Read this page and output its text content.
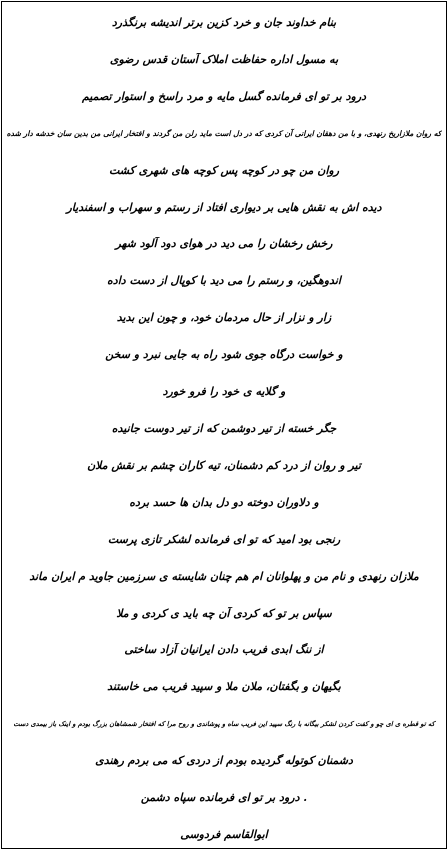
بنام خداوند جان و خرد کزین برتر اندیشه برنگذرد
به مسول اداره حفاظت املاک آستان قدس رضوی
درود بر تو ای فرمانده گسل مایه و مرد راسخ و استوار تصمیم
که روان ملازاریخ رنهدی، و با من دهقان ایرانی آن کردی که در دل است ماید رلن من گردند و افتخار ایرانی من بدین سان خدشه دار شده
روان من چو در کوچه پس کوچه های شهری کشت
دیده اش به نقش هایی بر دیواری افتاد از رستم و سهراب و اسفندیار
رخش رخشان را می دید در هوای دود آلود شهر
اندوهگین، و رستم را می دید با کوپال از دست داده
زار و نزار از حال مردمان خود، و چون این بدید
و خواست درگاه جوی شود راه به جایی نبرد و سخن
و گلایه ی خود را فرو خورد
جگر خسته از تیر دوشمن که از تیر دوست جانیده
تیر و روان از درد کم دشمنان، تیه کاران چشم بر نقش ملان
و دلاوران دوخته دو دل بدان ها حسد برده
رنجی بود امید که تو ای فرمانده لشکر تازی پرست
ملازان رنهدی و نام من و پهلوانان ام هم چنان شایسته ی سرزمین جاوید م ایران ماند
سپاس بر تو که کردی آن چه باید ی کردی و ملا
از ننگ ابدی فریب دادن ایرانیان آزاد ساختی
بگیهان و بگفتان، ملان ملا و سپید فریب می خاستند
که تو قطره ی ای چو و کفت کردن لشکر بیگانه با رنگ سپید این فریب ساه و پوشاندی و روح مرا که افتخار شمشاهان بزرگ بودم و اینک باز بیمدی دست
دشمنان کوتوله گردیده بودم از دردی که می بردم رهندی
. درود بر تو ای فرمانده سپاه دشمن
ابوالقاسم فردوسی
